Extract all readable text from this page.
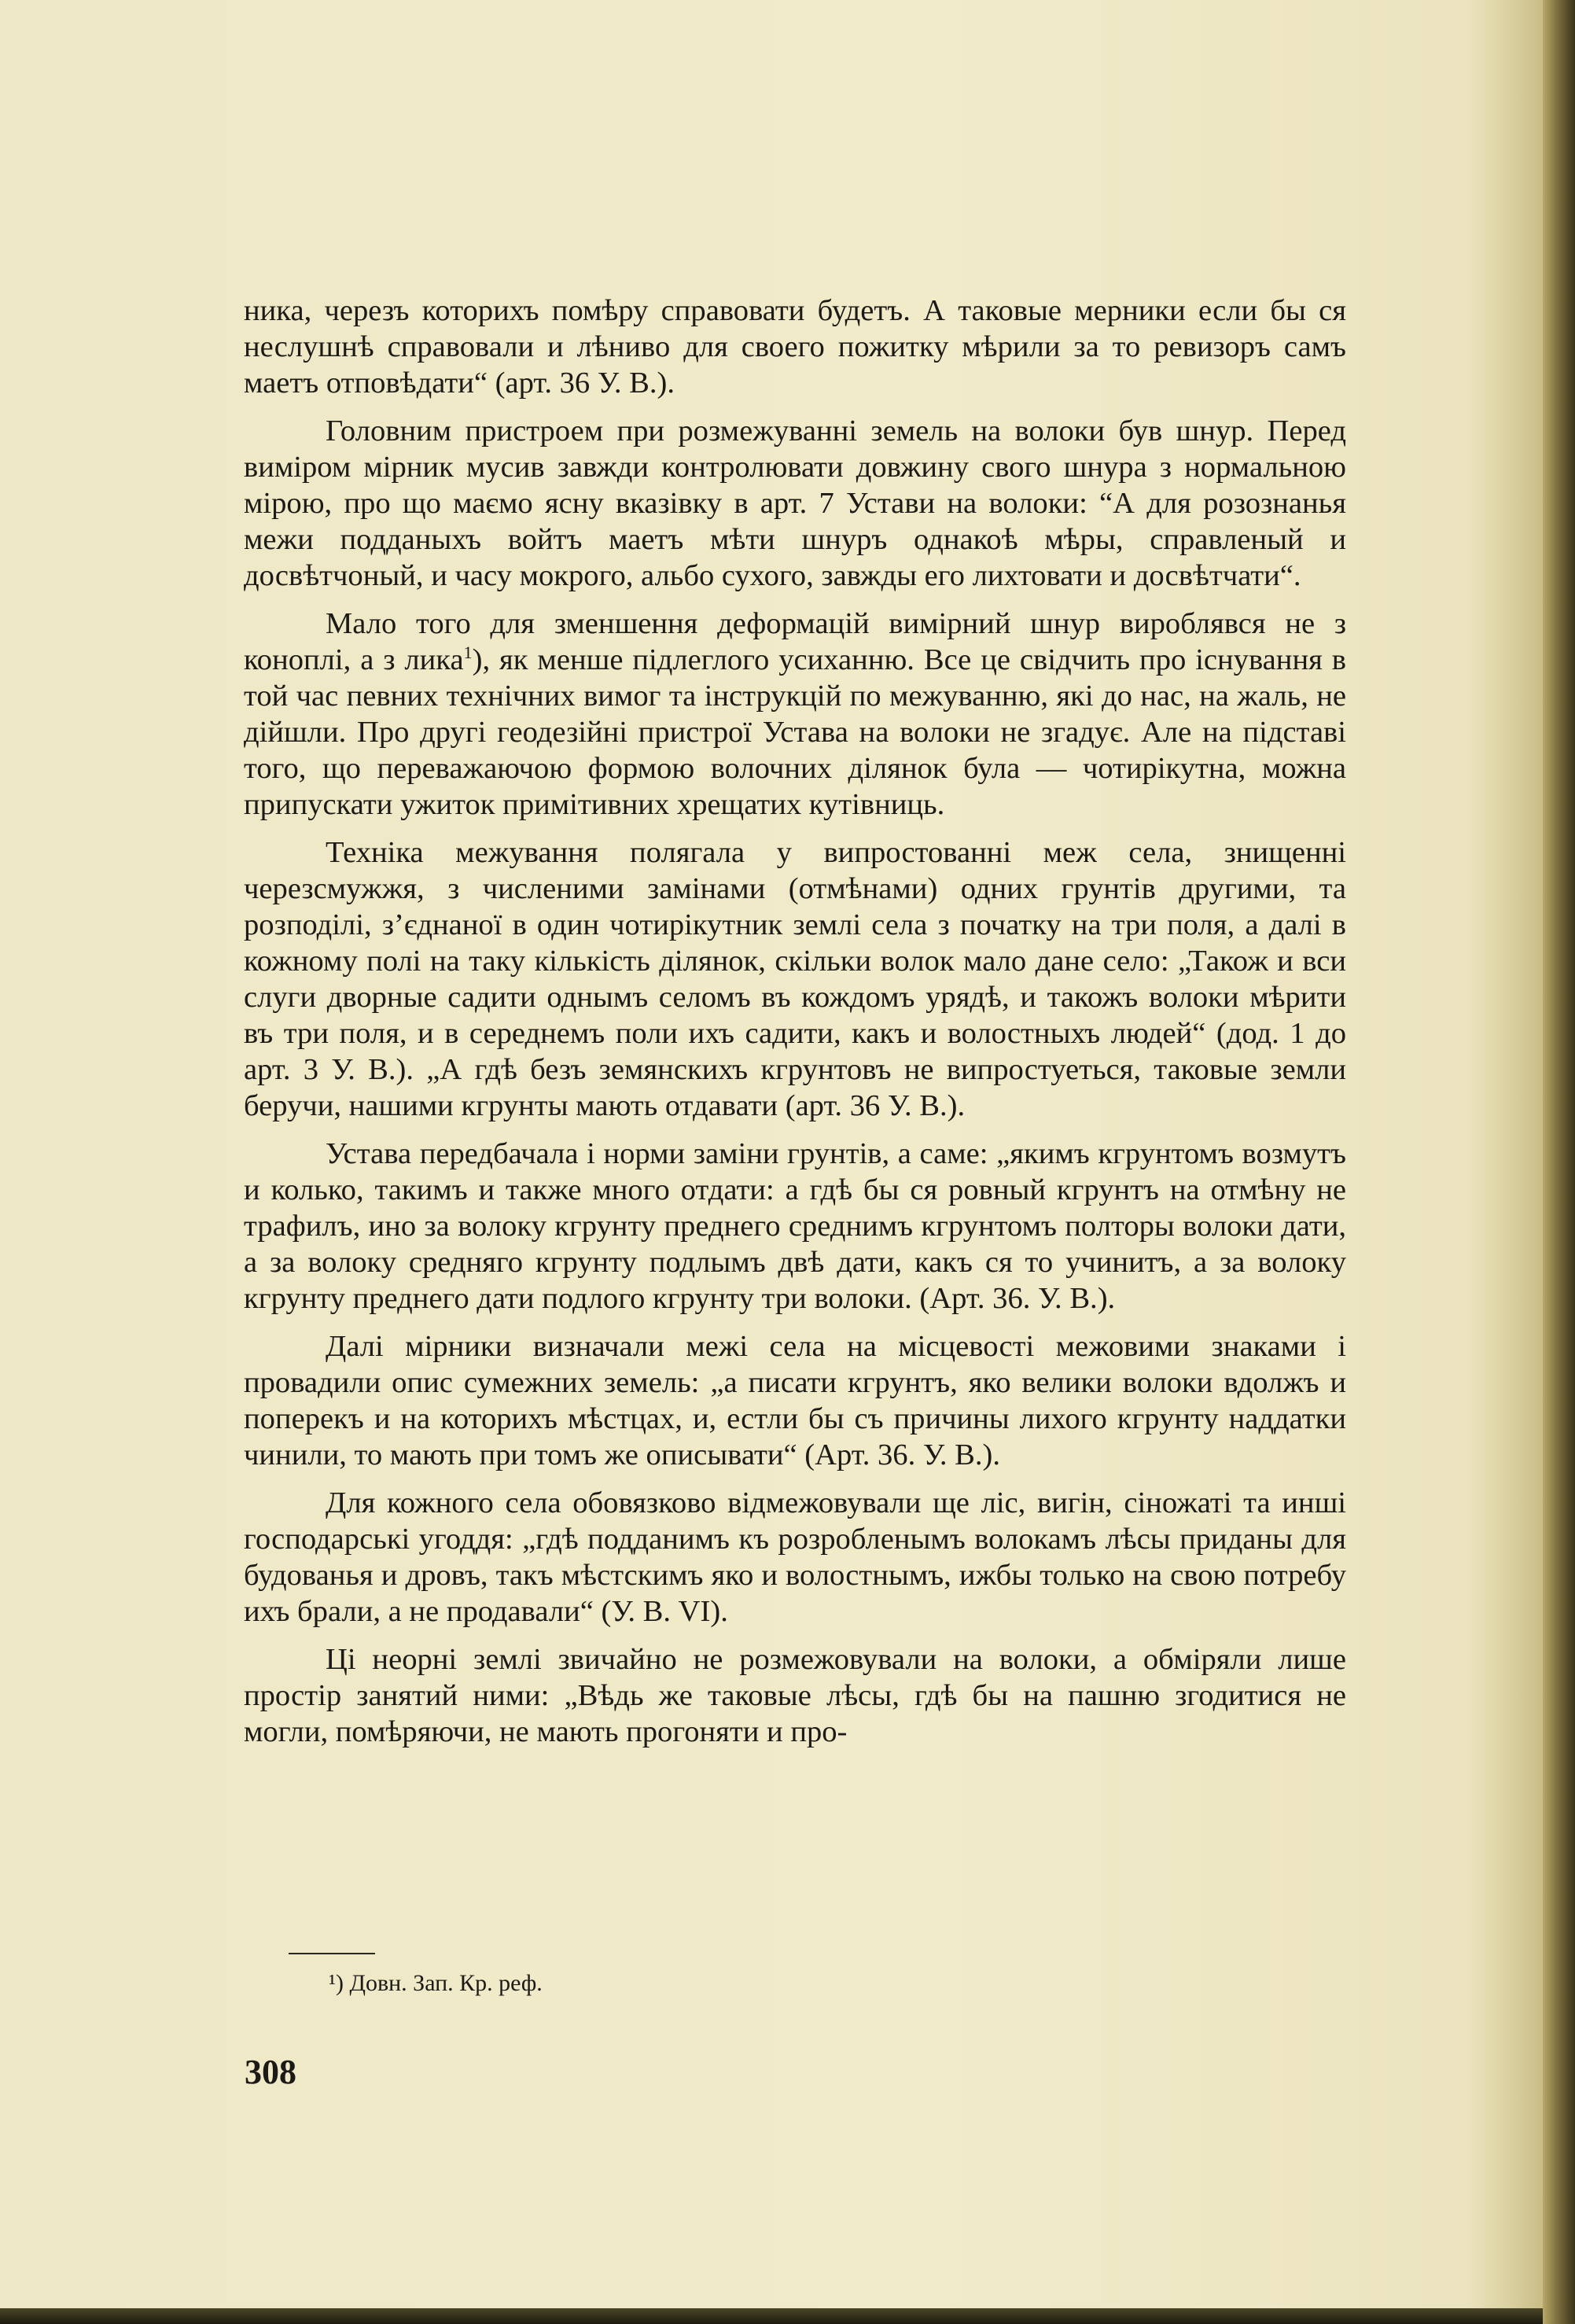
ника, черезъ которихъ помѣру справовати будетъ. А таковые мерники если бы ся неслушнѣ справовали и лѣниво для своего пожитку мѣрили за то ревизоръ самъ маетъ отповѣдати“ (арт. 36 У. В.).

Головним пристроем при розмежуванні земель на волоки був шнур. Перед виміром мірник мусив завжди контролювати довжину свого шнура з нормальною мірою, про що маємо ясну вказівку в арт. 7 Устави на волоки: “А для розознанья межи подданыхъ войтъ маетъ мѣти шнуръ однакоѣ мѣры, справленый и досвѣтчоный, и часу мокрого, альбо сухого, завжды его лихтовати и досвѣтчати“.

Мало того для зменшення деформацій вимірний шнур вироблявся не з коноплі, а з лика$^1$), як менше підлеглого усиханню. Все це свідчить про існування в той час певних технічних вимог та інструкцій по межуванню, які до нас, на жаль, не дійшли. Про другі геодезійні пристрої Устава на волоки не згадує. Але на підставі того, що переважаючою формою волочних ділянок була — чотирікутна, можна припускати ужиток примітивних хрещатих кутівниць.

Техніка межування полягала у випростованні меж села, знищенні черезсмужжя, з численими замінами (отмѣнами) одних грунтів другими, та розподілі, з’єднаної в один чотирікутник землі села з початку на три поля, а далі в кожному полі на таку кількість ділянок, скільки волок мало дане село: „Також и вси слуги дворные садити однымъ селомъ въ кождомъ урядѣ, и такожъ волоки мѣрити въ три поля, и в середнемъ поли ихъ садити, какъ и волостныхъ людей“ (дод. 1 до арт. 3 У. В.). „А гдѣ безъ земянскихъ кгрунтовъ не випростуеться, таковые земли беручи, нашими кгрунты мають отдавати (арт. 36 У. В.).

Устава передбачала і норми заміни грунтів, а саме: „якимъ кгрунтомъ возмутъ и колько, такимъ и также много отдати: а гдѣ бы ся ровный кгрунтъ на отмѣну не трафилъ, ино за волоку кгрунту преднего среднимъ кгрунтомъ полторы волоки дати, а за волоку средняго кгрунту подлымъ двѣ дати, какъ ся то учинитъ, а за волоку кгрунту преднего дати подлого кгрунту три волоки. (Арт. 36. У. В.).

Далі мірники визначали межі села на місцевості межовими знаками і провадили опис сумежних земель: „а писати кгрунтъ, яко велики волоки вдолжъ и поперекъ и на которихъ мѣстцах, и, естли бы съ причины лихого кгрунту наддатки чинили, то мають при томъ же описывати“ (Арт. 36. У. В.).

Для кожного села обовязково відмежовували ще ліс, вигін, сіножаті та инші господарські угоддя: „гдѣ подданимъ къ розробленымъ волокамъ лѣсы приданы для будованья и дровъ, такъ мѣстскимъ яко и волостнымъ, ижбы только на свою потребу ихъ брали, а не продавали“ (У. В. VI).

Ці неорні землі звичайно не розмежовували на волоки, а обміряли лише простір занятий ними: „Вѣдь же таковые лѣсы, гдѣ бы на пашню згодитися не могли, помѣряючи, не мають прогоняти и про-

¹) Довн. Зап. Кр. реф.
308
